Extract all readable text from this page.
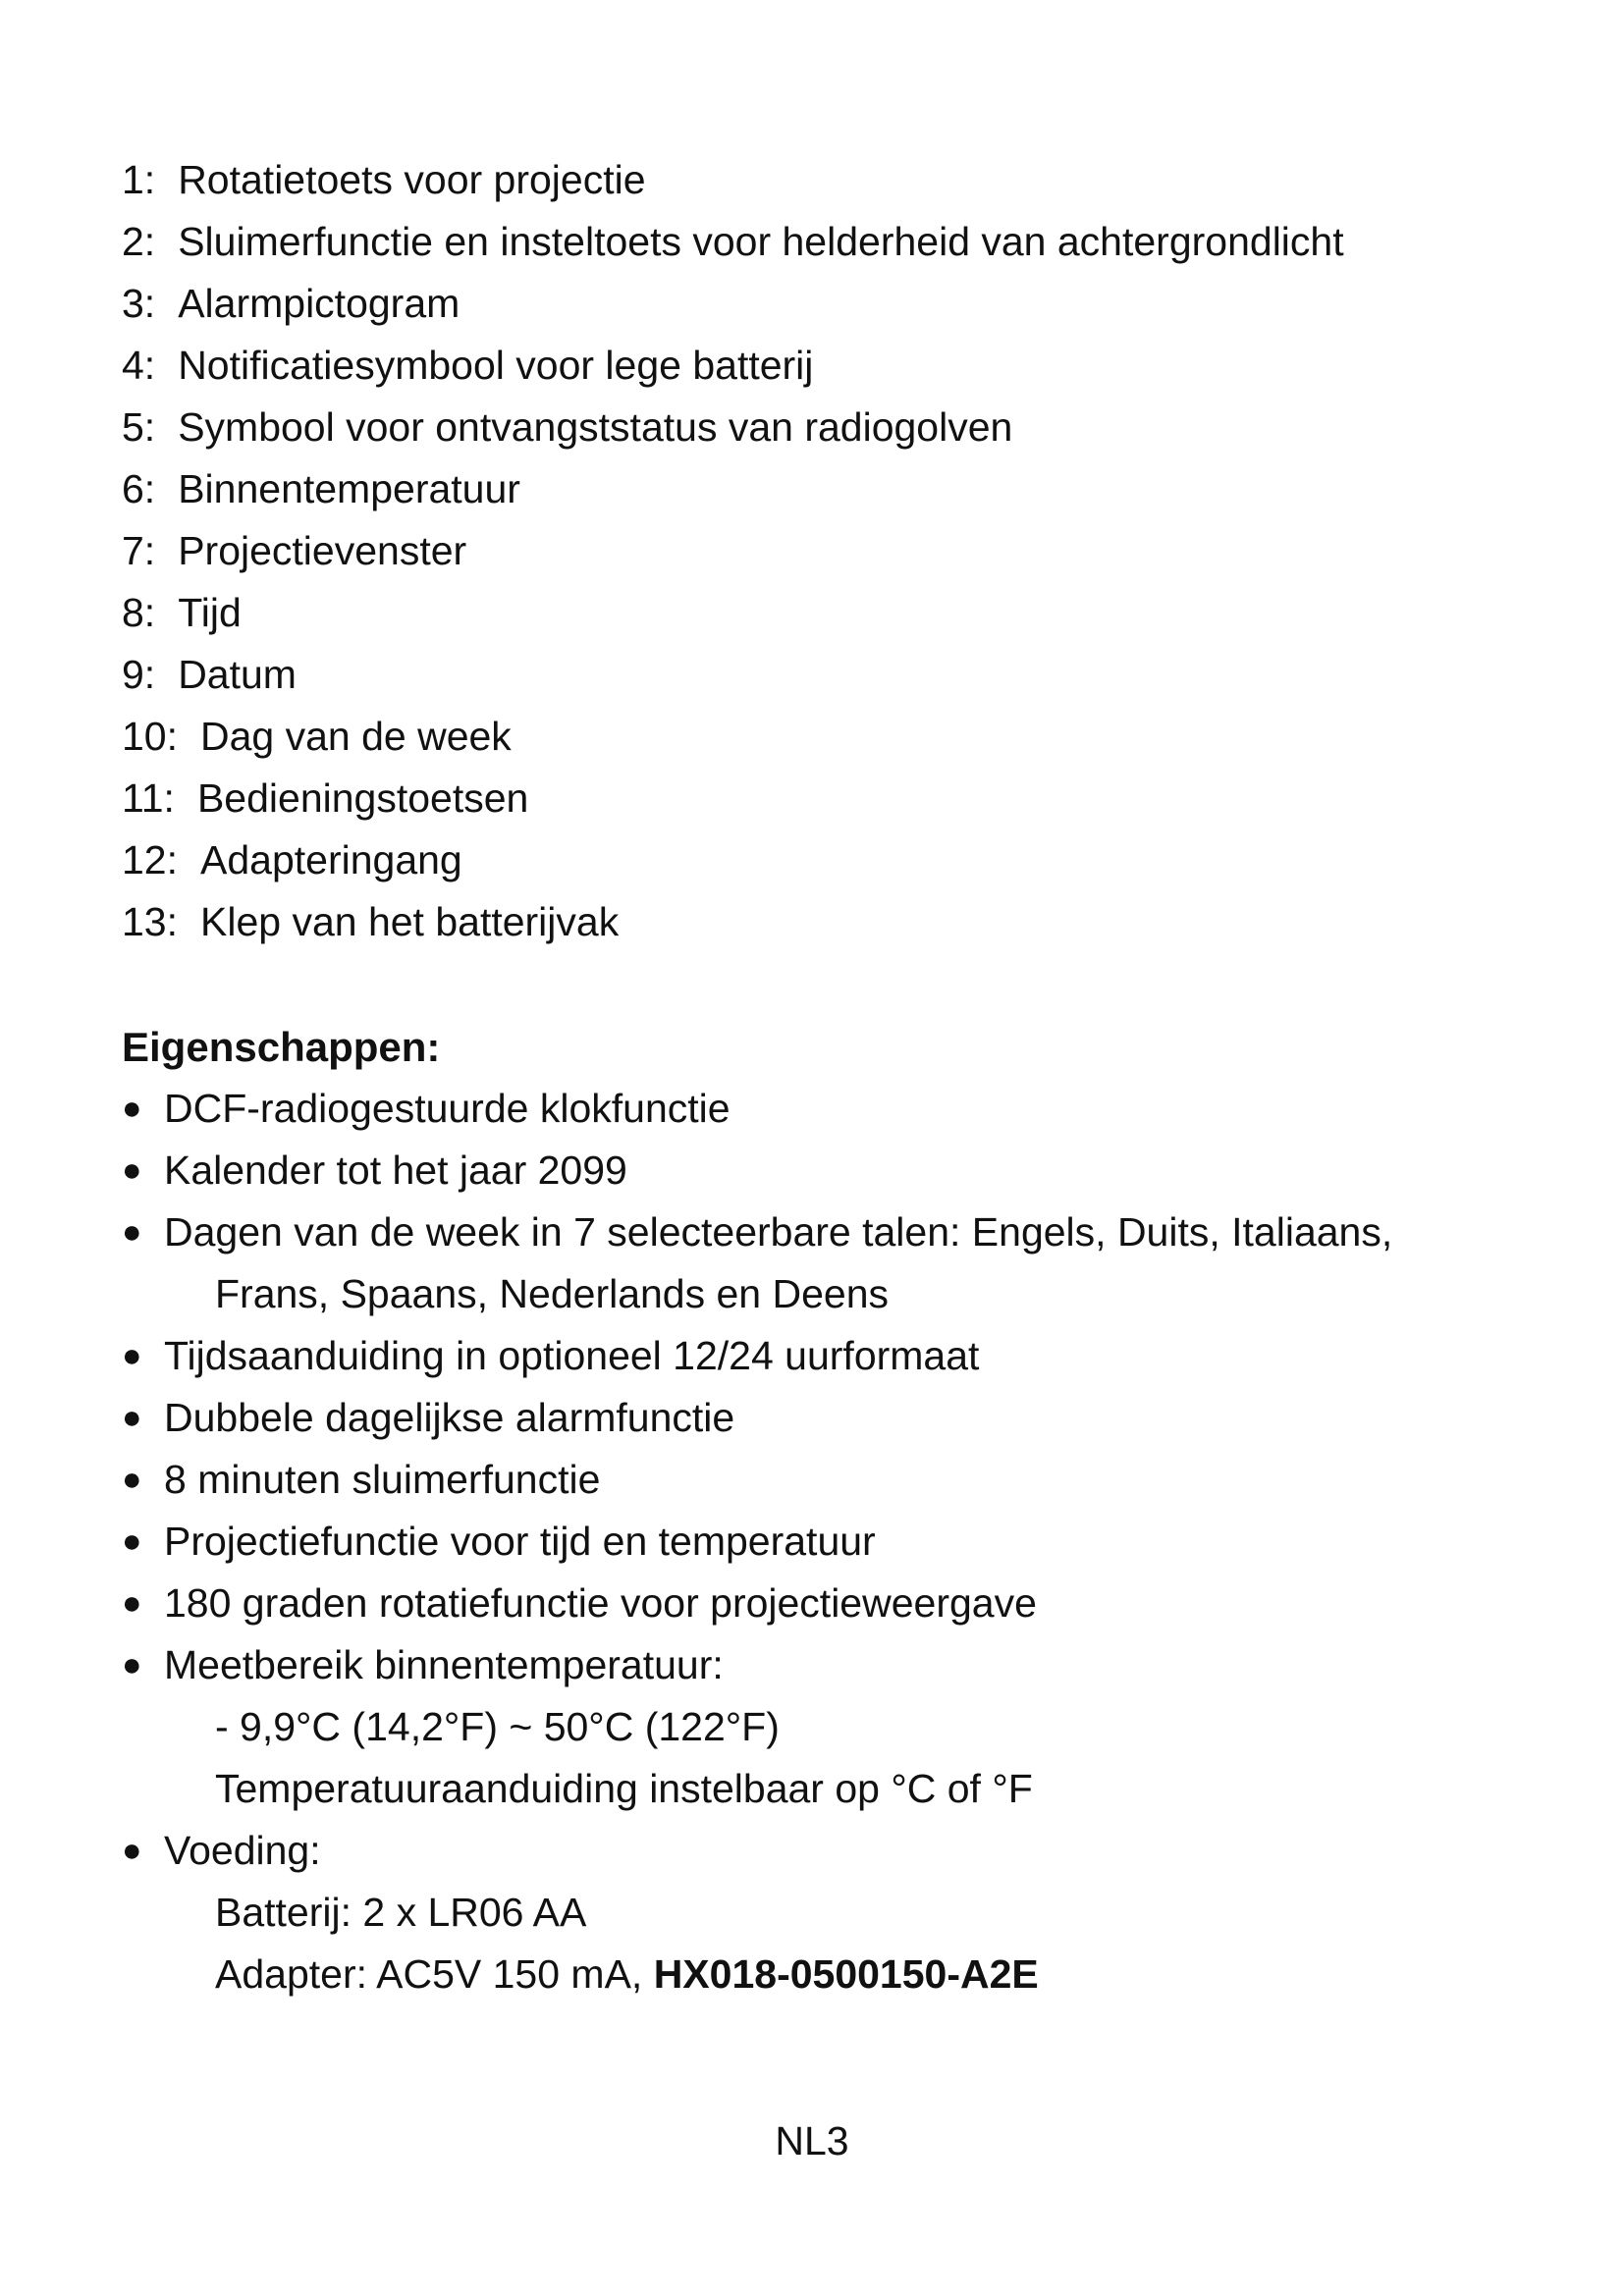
1: Rotatietoets voor projectie
2: Sluimerfunctie en insteltoets voor helderheid van achtergrondlicht
3: Alarmpictogram
4: Notificatiesymbool voor lege batterij
5: Symbool voor ontvangststatus van radiogolven
6: Binnentemperatuur
7: Projectievenster
8: Tijd
9: Datum
10: Dag van de week
11: Bedieningstoetsen
12: Adapteringang
13: Klep van het batterijvak
Eigenschappen:
● DCF-radiogestuurde klokfunctie
● Kalender tot het jaar 2099
● Dagen van de week in 7 selecteerbare talen: Engels, Duits, Italiaans,
Frans, Spaans, Nederlands en Deens
● Tijdsaanduiding in optioneel 12/24 uurformaat
● Dubbele dagelijkse alarmfunctie
● 8 minuten sluimerfunctie
● Projectiefunctie voor tijd en temperatuur
● 180 graden rotatiefunctie voor projectieweergave
● Meetbereik binnentemperatuur:
- 9,9°C (14,2°F) ~ 50°C (122°F)
Temperatuuraanduiding instelbaar op °C of °F
● Voeding:
Batterij: 2 x LR06 AA
Adapter: AC5V 150 mA, HX018-0500150-A2E
NL3
